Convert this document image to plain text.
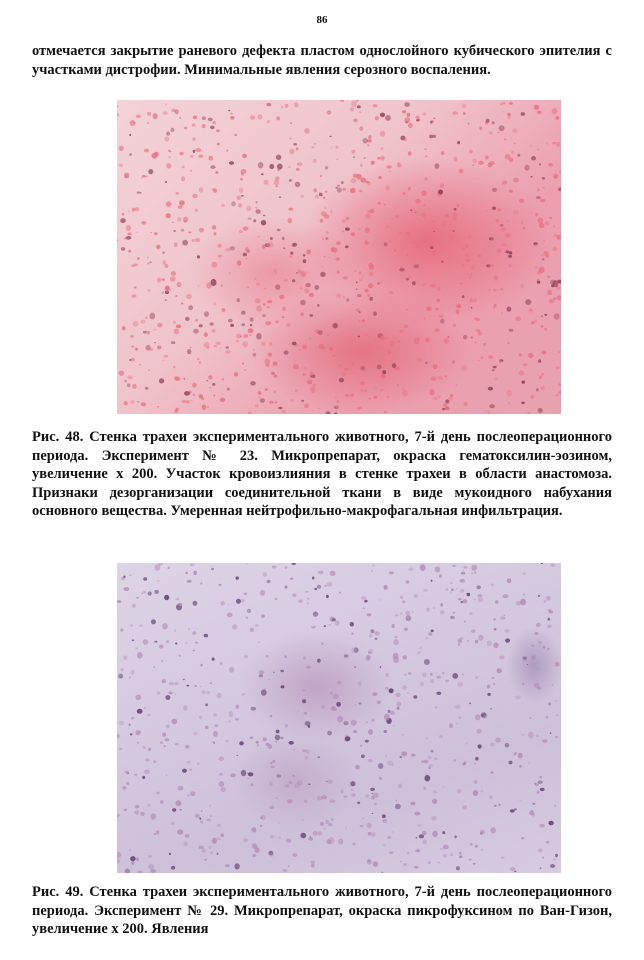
86

отмечается закрытие раневого дефекта пластом однослойного кубического эпителия с участками дистрофии. Минимальные явления серозного воспаления.

Рис. 48. Стенка трахеи экспериментального животного, 7-й день послеоперационного периода. Эксперимент № 23. Микропрепарат, окраска гематоксилин-эозином, увеличение х 200. Участок кровоизлияния в стенке трахеи в области анастомоза. Признаки дезорганизации соединительной ткани в виде мукоидного набухания основного вещества. Умеренная нейтрофильно-макрофагальная инфильтрация.

Рис. 49. Стенка трахеи экспериментального животного, 7-й день послеоперационного периода. Эксперимент № 29. Микропрепарат, окраска пикрофуксином по Ван-Гизон, увеличение х 200. Явления
